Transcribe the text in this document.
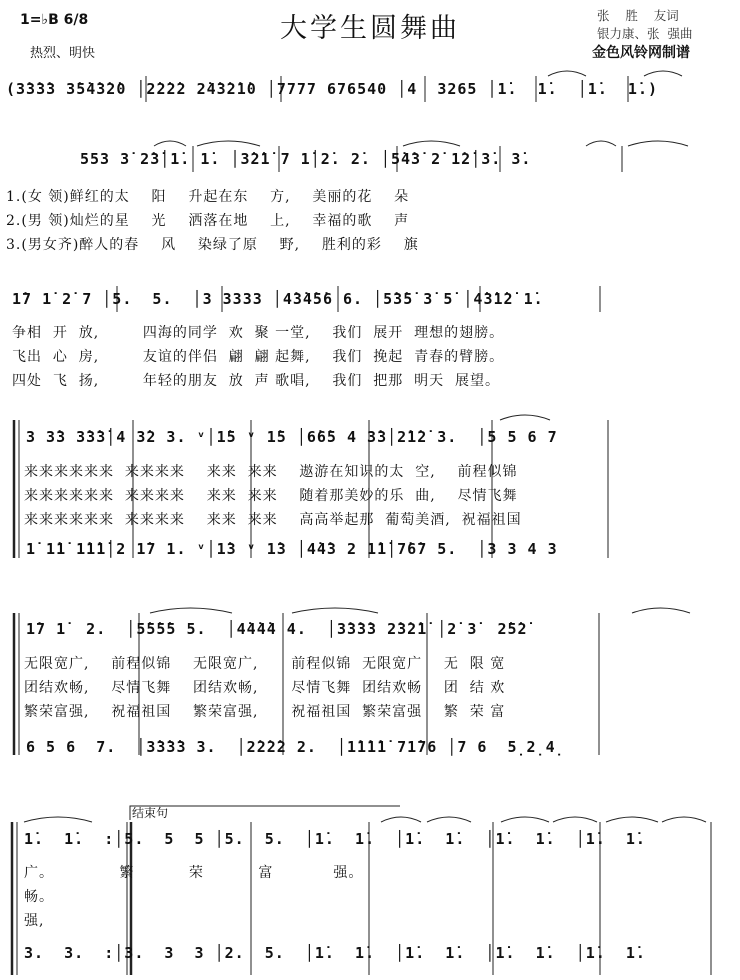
大学生圆舞曲
1=♭B 6/8
热烈、明快
张    胜    友词
银力康、张  强曲
金色风铃网制谱
(3̇3̇3̇3 3̇5̇4̇3̇2̇0 │2̇2̇2̇2 2̇4̇3̇2̇1̇0 │7777 676540 │4  3265 │1̇.  1̇.  │1̇.  1̇.)
553 3̇ 2̇3̇│1̇. 1̇. │3̇2̇1̇ 7 1̇│2̇. 2̇. │5̇4̇3̇ 2̇ 1̇2̇│3̇. 3̇.
1.(女 领)鲜红的太    阳    升起在东    方,    美丽的花    朵
2.(男 领)灿烂的星    光    洒落在地    上,    幸福的歌    声
3.(男女齐)醉人的春    风    染绿了原    野,    胜利的彩    旗
1̇7 1̇ 2̇ 7 │5.  5.  │3 3333 │4̇3̇4̇5̇6 6. │5̇3̇5̇ 3̇ 5̇ │4̇3̇1̇2̇ 1̇.
争相  开  放,        四海的同学  欢  聚 一堂,    我们  展开  理想的翅膀。
飞出  心  房,        友谊的伴侣  翩  翩 起舞,    我们  挽起  青春的臂膀。
四处  飞  扬,        年轻的朋友  放  声 歌唱,    我们  把那  明天  展望。
3 3̇3 3̇3̇3̇│4 3̇2 3. ᵛ│1̇5 ᵛ 1̇5 │6̇6̇5 4 3̇3│2̇1̇2̇ 3.  │5 5 6 7
来来来来来来  来来来来    来来  来来    遨游在知识的太  空,    前程似锦
来来来来来来  来来来来    来来  来来    随着那美妙的乐  曲,    尽情飞舞
来来来来来来  来来来来    来来  来来    高高举起那  葡萄美酒,  祝福祖国
1̇ 1̇1̇ 1̇1̇1̇│2 1̇7 1. ᵛ│1̇3 ᵛ 1̇3 │4̇4̇3 2 1̇1̇│7̇6̇7 5.  │3 3 4 3
1̇7 1̇  2.  │5̇5̇5̇5 5.  │4̇4̇4̇4 4.  │3̇3̇3̇3 2̇3̇2̇1̇ │2̇ 3̇  2̇5̇2̇
无限宽广,    前程似锦    无限宽广,      前程似锦  无限宽广    无  限 宽
团结欢畅,    尽情飞舞    团结欢畅,      尽情飞舞  团结欢畅    团  结 欢
繁荣富强,    祝福祖国    繁荣富强,      祝福祖国  繁荣富强    繁  荣 富
6 5 6  7.  │3̇3̇3̇3 3.  │2̇2̇2̇2 2.  │1̇1̇1̇1̇ 71̇76 │7 6  5̣2̣4̣
结束句
1̇.  1̇.  :│5.  5  5 │5.  5.  │1̇.  1̇.  │1̇.  1̇.  │1̇.  1̇.  │1̇.  1̇.
广。            繁          荣          富           强。
畅。
强,
3.  3.  :│3.  3  3 │2.  5.  │1̇.  1̇.  │1̇.  1̇.  │1̇.  1̇.  │1̇.  1̇.
